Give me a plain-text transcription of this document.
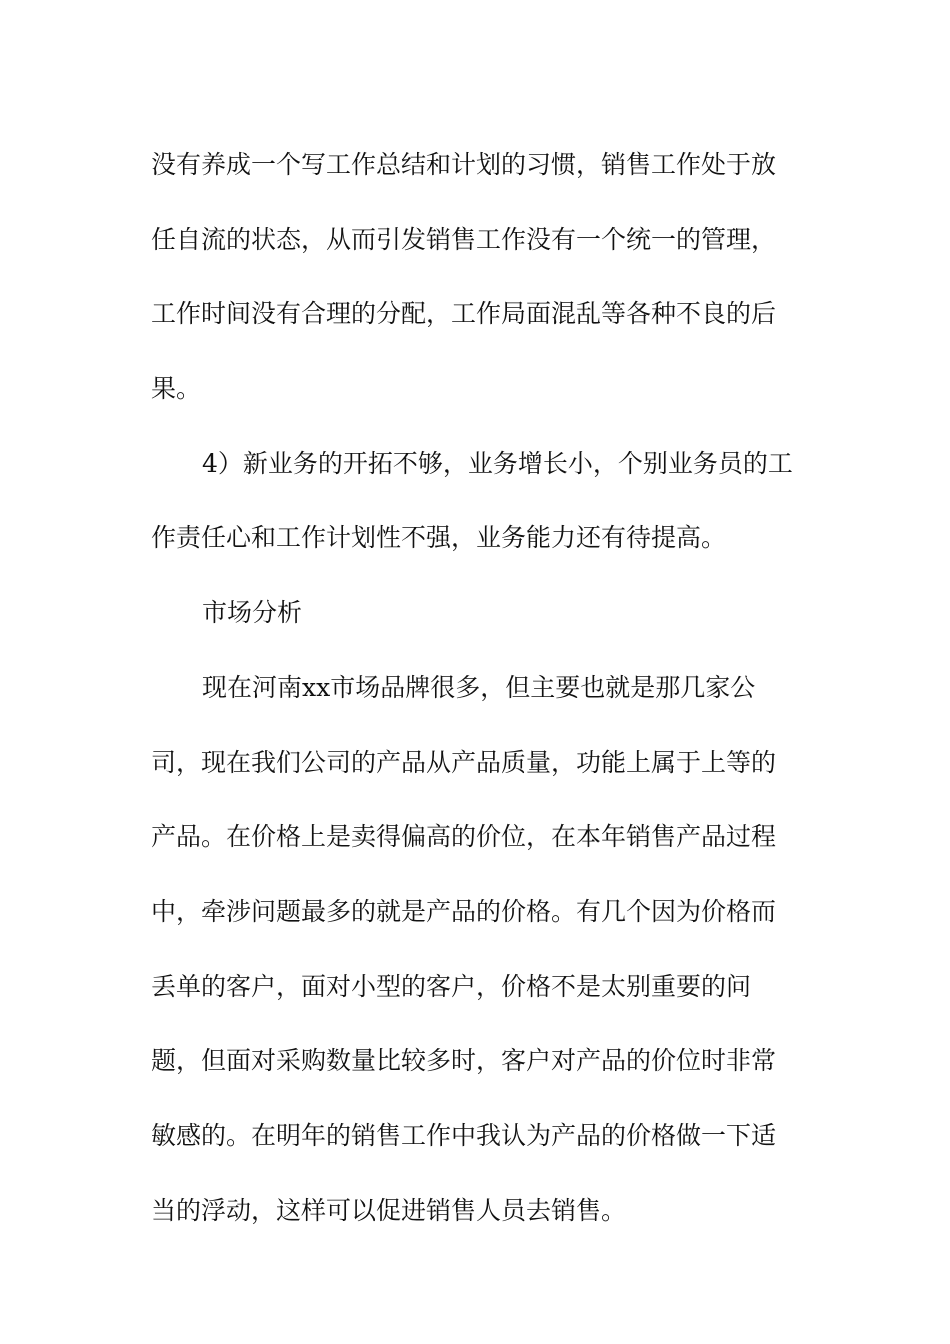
没有养成一个写工作总结和计划的习惯，销售工作处于放
任自流的状态，从而引发销售工作没有一个统一的管理，
工作时间没有合理的分配，工作局面混乱等各种不良的后
果。
4）新业务的开拓不够，业务增长小，个别业务员的工
作责任心和工作计划性不强，业务能力还有待提高。
市场分析
现在河南xx市场品牌很多，但主要也就是那几家公
司，现在我们公司的产品从产品质量，功能上属于上等的
产品。在价格上是卖得偏高的价位，在本年销售产品过程
中，牵涉问题最多的就是产品的价格。有几个因为价格而
丢单的客户，面对小型的客户，价格不是太别重要的问
题，但面对采购数量比较多时，客户对产品的价位时非常
敏感的。在明年的销售工作中我认为产品的价格做一下适
当的浮动，这样可以促进销售人员去销售。
